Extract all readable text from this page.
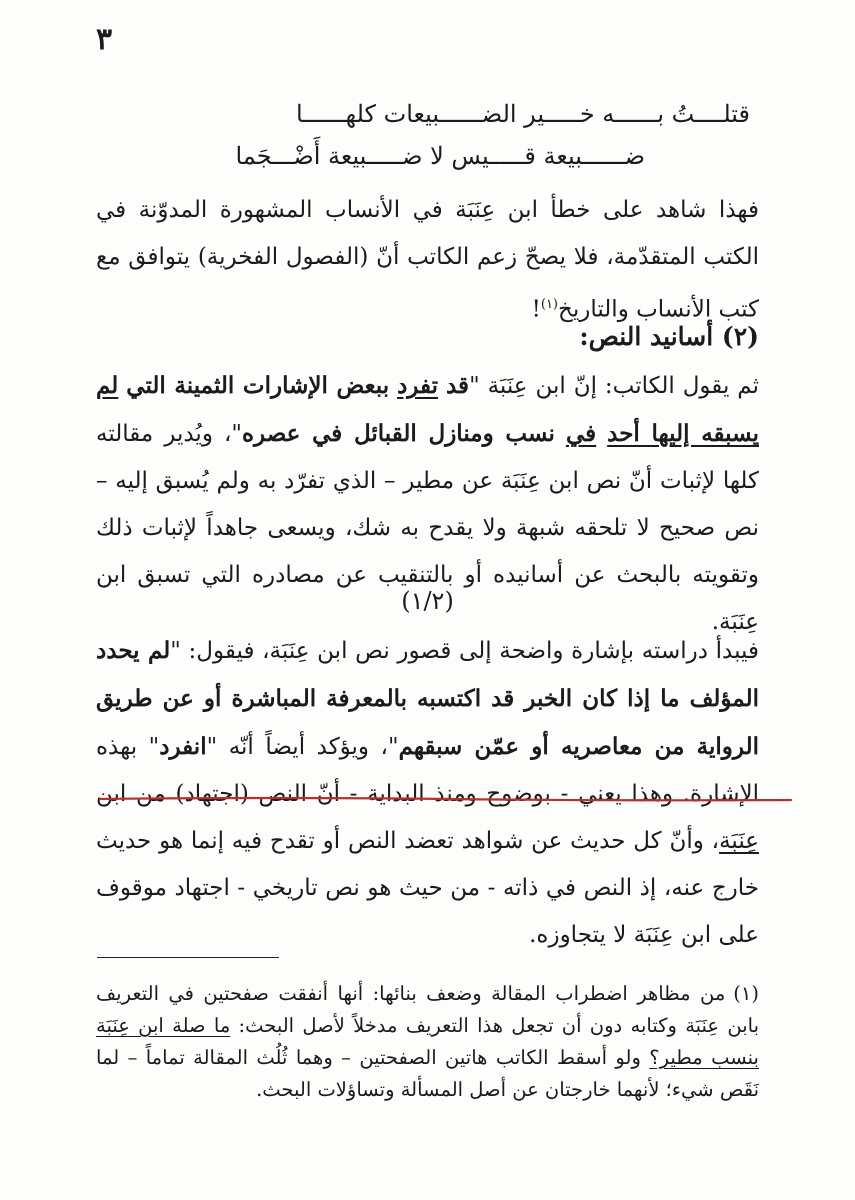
٣
قتلــــتُ بــــــه خـــــير الضــــــبيعات كلهــــــا
ضــــــبيعة قـــــيس لا ضـــــبيعة أَضْـــجَما

فهذا شاهد على خطأ ابن عِنَبَة في الأنساب المشهورة المدوّنة في الكتب المتقدّمة، فلا يصحّ زعم الكاتب أنّ (الفصول الفخرية) يتوافق مع كتب الأنساب والتاريخ$^{(١)}$!

(٢) أسانيد النص:

ثم يقول الكاتب: إنّ ابن عِنَبَة "قد تفرد ببعض الإشارات الثمينة التي لم يسبقه إليها أحد في نسب ومنازل القبائل في عصره"، ويُدير مقالته كلها لإثبات أنّ نص ابن عِنَبَة عن مطير – الذي تفرّد به ولم يُسبق إليه – نص صحيح لا تلحقه شبهة ولا يقدح به شك، ويسعى جاهداً لإثبات ذلك وتقويته بالبحث عن أسانيده أو بالتنقيب عن مصادره التي تسبق ابن عِنَبَة.

(١/٢)

فيبدأ دراسته بإشارة واضحة إلى قصور نص ابن عِنَبَة، فيقول: "لم يحدد المؤلف ما إذا كان الخبر قد اكتسبه بالمعرفة المباشرة أو عن طريق الرواية من معاصريه أو عمّن سبقهم"، ويؤكد أيضاً أنّه "انفرد" بهذه الإشارة. وهذا يعني - بوضوح ومنذ البداية - أنّ النص (اجتهاد) من ابن عِنَبَة، وأنّ كل حديث عن شواهد تعضد النص أو تقدح فيه إنما هو حديث خارج عنه، إذ النص في ذاته - من حيث هو نص تاريخي - اجتهاد موقوف على ابن عِنَبَة لا يتجاوزه.

(١)من مظاهر اضطراب المقالة وضعف بنائها: أنها أنفقت صفحتين في التعريف بابن عِنَبَة وكتابه دون أن تجعل هذا التعريف مدخلاً لأصل البحث: ما صلة ابن عِنَبَة بنسب مطير؟ ولو أسقط الكاتب هاتين الصفحتين – وهما ثُلُث المقالة تماماً – لما نَقَص شيء؛ لأنهما خارجتان عن أصل المسألة وتساؤلات البحث.
